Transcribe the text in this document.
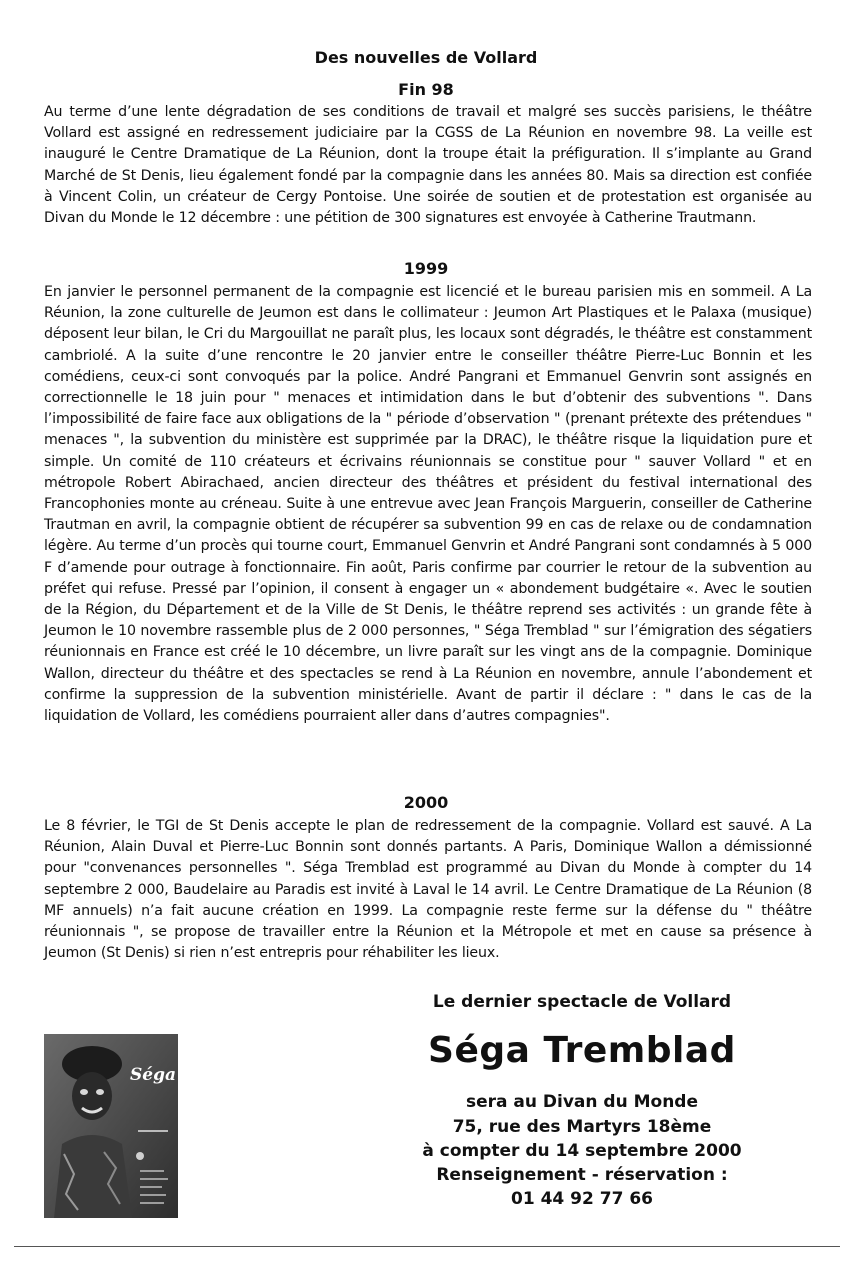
Des nouvelles de Vollard
Fin 98

Au terme d’une lente dégradation de ses conditions de travail et malgré ses succès parisiens, le théâtre Vollard est assigné en redressement judiciaire par la CGSS de La Réunion en novembre 98. La veille est inauguré le Centre Dramatique de La Réunion, dont la troupe était la préfiguration. Il s’implante au Grand Marché de St Denis, lieu également fondé par la compagnie dans les années 80. Mais sa direction est confiée à Vincent Colin, un créateur de Cergy Pontoise. Une soirée de soutien et de protestation est organisée au Divan du Monde le 12 décembre : une pétition de 300 signatures est envoyée à Catherine Trautmann.

1999

En janvier le personnel permanent de la compagnie est licencié et le bureau parisien mis en sommeil. A La Réunion, la zone culturelle de Jeumon est dans le collimateur : Jeumon Art Plastiques et le Palaxa (musique) déposent leur bilan, le Cri du Margouillat ne paraît plus, les locaux sont dégradés, le théâtre est constamment cambriolé. A la suite d’une rencontre le 20 janvier entre le conseiller théâtre Pierre-Luc Bonnin et les comédiens, ceux-ci sont convoqués par la police. André Pangrani et Emmanuel Genvrin sont assignés en correctionnelle le 18 juin pour " menaces et intimidation dans le but d’obtenir des subventions ". Dans l’impossibilité de faire face aux obligations de la " période d’observation " (prenant prétexte des prétendues " menaces ", la subvention du ministère est supprimée par la DRAC), le théâtre risque la liquidation pure et simple. Un comité de 110 créateurs et écrivains réunionnais se constitue pour " sauver Vollard " et en métropole Robert Abirachaed, ancien directeur des théâtres et président du festival international des Francophonies monte au créneau. Suite à une entrevue avec Jean François Marguerin, conseiller de Catherine Trautman en avril, la compagnie obtient de récupérer sa subvention 99 en cas de relaxe ou de condamnation légère. Au terme d’un procès qui tourne court, Emmanuel Genvrin et André Pangrani sont condamnés à 5 000 F d’amende pour outrage à fonctionnaire. Fin août, Paris confirme par courrier le retour de la subvention au préfet qui refuse. Pressé par l’opinion, il consent à engager un « abondement budgétaire «. Avec le soutien de la Région, du Département et de la Ville de St Denis, le théâtre reprend ses activités : un grande fête à Jeumon le 10 novembre rassemble plus de 2 000 personnes, " Séga Tremblad " sur l’émigration des ségatiers réunionnais en France est créé le 10 décembre, un livre paraît sur les vingt ans de la compagnie. Dominique Wallon, directeur du théâtre et des spectacles se rend à La Réunion en novembre, annule l’abondement et confirme la suppression de la subvention ministérielle. Avant de partir il déclare : " dans le cas de la liquidation de Vollard, les comédiens pourraient aller dans d’autres compagnies".

2000

Le 8 février, le TGI de St Denis accepte le plan de redressement de la compagnie. Vollard est sauvé. A La Réunion, Alain Duval et Pierre-Luc Bonnin sont donnés partants. A Paris, Dominique Wallon a démissionné pour "convenances personnelles ". Séga Tremblad est programmé au Divan du Monde à compter du 14 septembre 2 000, Baudelaire au Paradis est invité à Laval le 14 avril. Le Centre Dramatique de La Réunion (8 MF annuels) n’a fait aucune création en 1999. La compagnie reste ferme sur la défense du " théâtre réunionnais ", se propose de travailler entre la Réunion et la Métropole et met en cause sa présence à Jeumon (St Denis) si rien n’est entrepris pour réhabiliter les lieux.

Séga
Le dernier spectacle de Vollard
Séga Tremblad
sera au Divan du Monde
75, rue des Martyrs 18ème
à compter du 14 septembre 2000
Renseignement - réservation :
01 44 92 77 66
